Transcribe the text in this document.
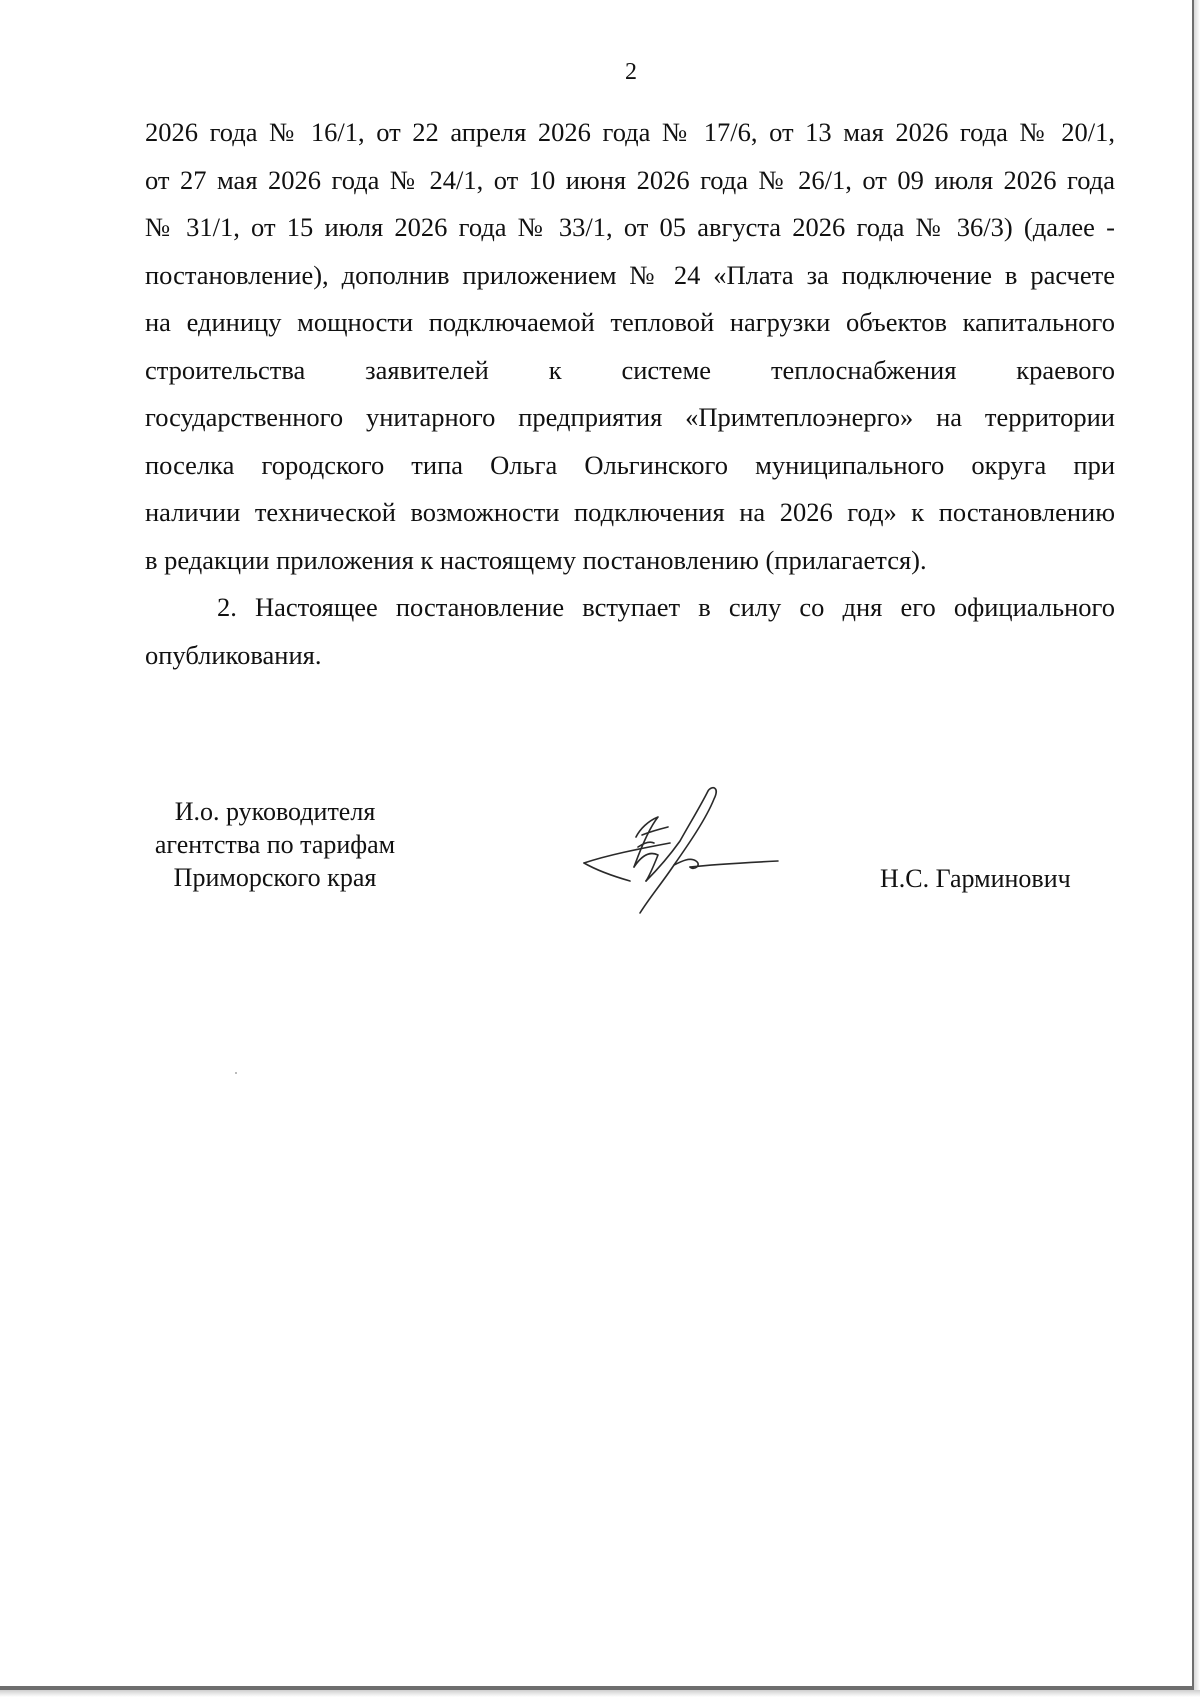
2

2026 года № 16/1, от 22 апреля 2026 года № 17/6, от 13 мая 2026 года № 20/1,
от 27 мая 2026 года № 24/1, от 10 июня 2026 года № 26/1, от 09 июля 2026 года
№ 31/1, от 15 июля 2026 года № 33/1, от 05 августа 2026 года № 36/3) (далее -
постановление), дополнив приложением № 24 «Плата за подключение в расчете
на единицу мощности подключаемой тепловой нагрузки объектов капитального
строительства заявителей к системе теплоснабжения краевого
государственного унитарного предприятия «Примтеплоэнерго» на территории
поселка городского типа Ольга Ольгинского муниципального округа при
наличии технической возможности подключения на 2026 год» к постановлению
в редакции приложения к настоящему постановлению (прилагается).

2. Настоящее постановление вступает в силу со дня его официального
опубликования.

И.о. руководителя
агентства по тарифам
Приморского края	Н.С. Гарминович
